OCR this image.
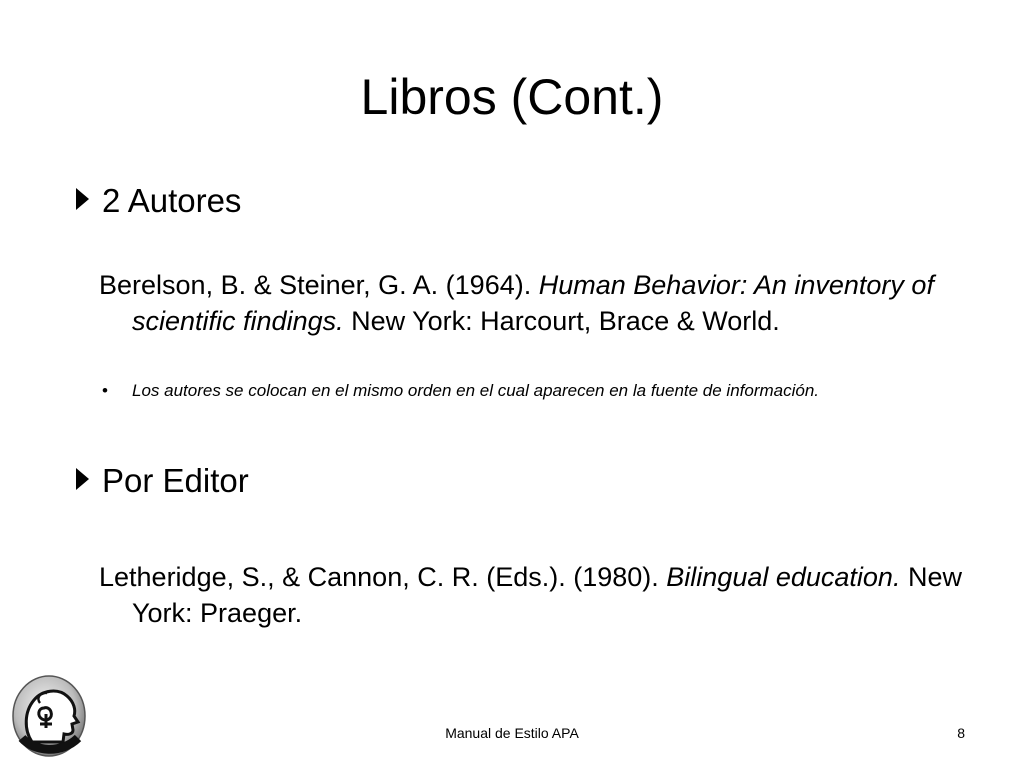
Libros (Cont.)
2 Autores

Berelson, B. & Steiner, G. A. (1964). Human Behavior: An inventory of scientific findings. New York: Harcourt, Brace & World.

• Los autores se colocan en el mismo orden en el cual aparecen en la fuente de información.

Por Editor

Letheridge, S., & Cannon, C. R. (Eds.). (1980). Bilingual education. New York: Praeger.

Manual de Estilo APA	8
